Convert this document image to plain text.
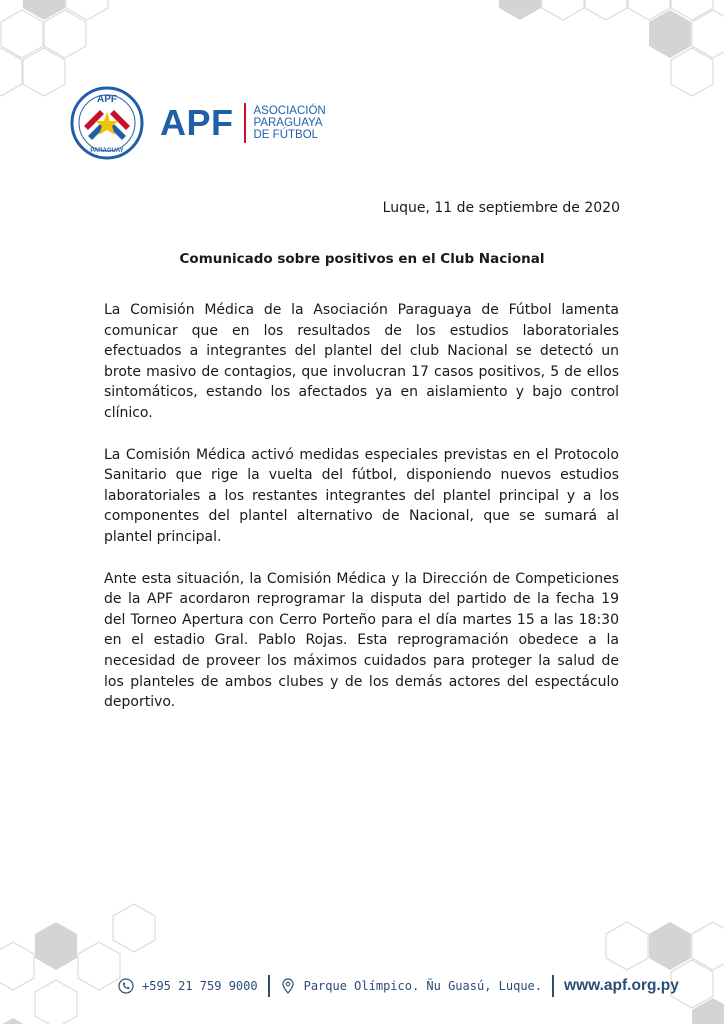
APF
PARAGUAY
APF ASOCIACIÓN
PARAGUAYA
DE FÚTBOL
Luque, 11 de septiembre de 2020
Comunicado sobre positivos en el Club Nacional

La Comisión Médica de la Asociación Paraguaya de Fútbol lamenta comunicar que en los resultados de los estudios laboratoriales efectuados a integrantes del plantel del club Nacional se detectó un brote masivo de contagios, que involucran 17 casos positivos, 5 de ellos sintomáticos, estando los afectados ya en aislamiento y bajo control clínico.

La Comisión Médica activó medidas especiales previstas en el Protocolo Sanitario que rige la vuelta del fútbol, disponiendo nuevos estudios laboratoriales a los restantes integrantes del plantel principal y a los componentes del plantel alternativo de Nacional, que se sumará al plantel principal.

Ante esta situación, la Comisión Médica y la Dirección de Competiciones de la APF acordaron reprogramar la disputa del partido de la fecha 19 del Torneo Apertura con Cerro Porteño para el día martes 15 a las 18:30 en el estadio Gral. Pablo Rojas. Esta reprogramación obedece a la necesidad de proveer los máximos cuidados para proteger la salud de los planteles de ambos clubes y de los demás actores del espectáculo deportivo.

+595 21 759 9000	Parque Olímpico. Ñu Guasú, Luque. www.apf.org.py
